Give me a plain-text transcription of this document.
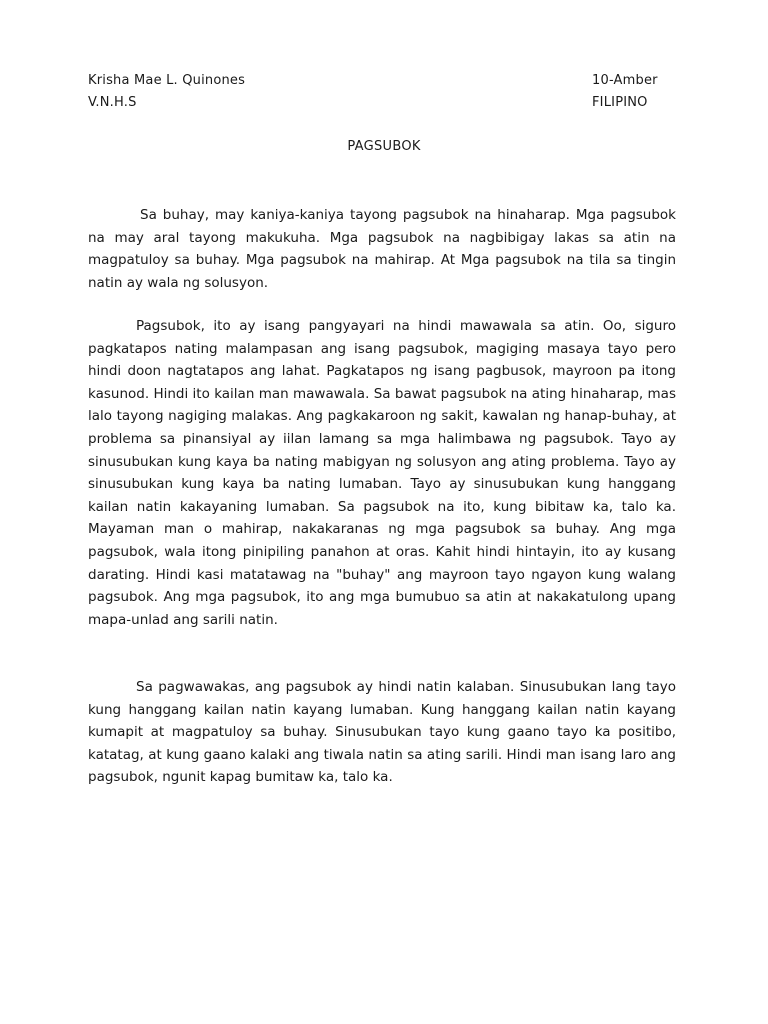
Krisha Mae L. Quinones	10-Amber
V.N.H.S	FILIPINO
PAGSUBOK

Sa buhay, may kaniya-kaniya tayong pagsubok na hinaharap. Mga pagsubok na may aral tayong makukuha. Mga pagsubok na nagbibigay lakas sa atin na magpatuloy sa buhay. Mga pagsubok na mahirap. At Mga pagsubok na tila sa tingin natin ay wala ng solusyon.

Pagsubok, ito ay isang pangyayari na hindi mawawala sa atin. Oo, siguro pagkatapos nating malampasan ang isang pagsubok, magiging masaya tayo pero hindi doon nagtatapos ang lahat. Pagkatapos ng isang pagbusok, mayroon pa itong kasunod. Hindi ito kailan man mawawala. Sa bawat pagsubok na ating hinaharap, mas lalo tayong nagiging malakas. Ang pagkakaroon ng sakit, kawalan ng hanap-buhay, at problema sa pinansiyal ay iilan lamang sa mga halimbawa ng pagsubok. Tayo ay sinusubukan kung kaya ba nating mabigyan ng solusyon ang ating problema. Tayo ay sinusubukan kung kaya ba nating lumaban. Tayo ay sinusubukan kung hanggang kailan natin kakayaning lumaban. Sa pagsubok na ito, kung bibitaw ka, talo ka. Mayaman man o mahirap, nakakaranas ng mga pagsubok sa buhay. Ang mga pagsubok, wala itong pinipiling panahon at oras. Kahit hindi hintayin, ito ay kusang darating. Hindi kasi matatawag na "buhay" ang mayroon tayo ngayon kung walang pagsubok. Ang mga pagsubok, ito ang mga bumubuo sa atin at nakakatulong upang mapa-unlad ang sarili natin.

Sa pagwawakas, ang pagsubok ay hindi natin kalaban. Sinusubukan lang tayo kung hanggang kailan natin kayang lumaban. Kung hanggang kailan natin kayang kumapit at magpatuloy sa buhay. Sinusubukan tayo kung gaano tayo ka positibo, katatag, at kung gaano kalaki ang tiwala natin sa ating sarili. Hindi man isang laro ang pagsubok, ngunit kapag bumitaw ka, talo ka.
